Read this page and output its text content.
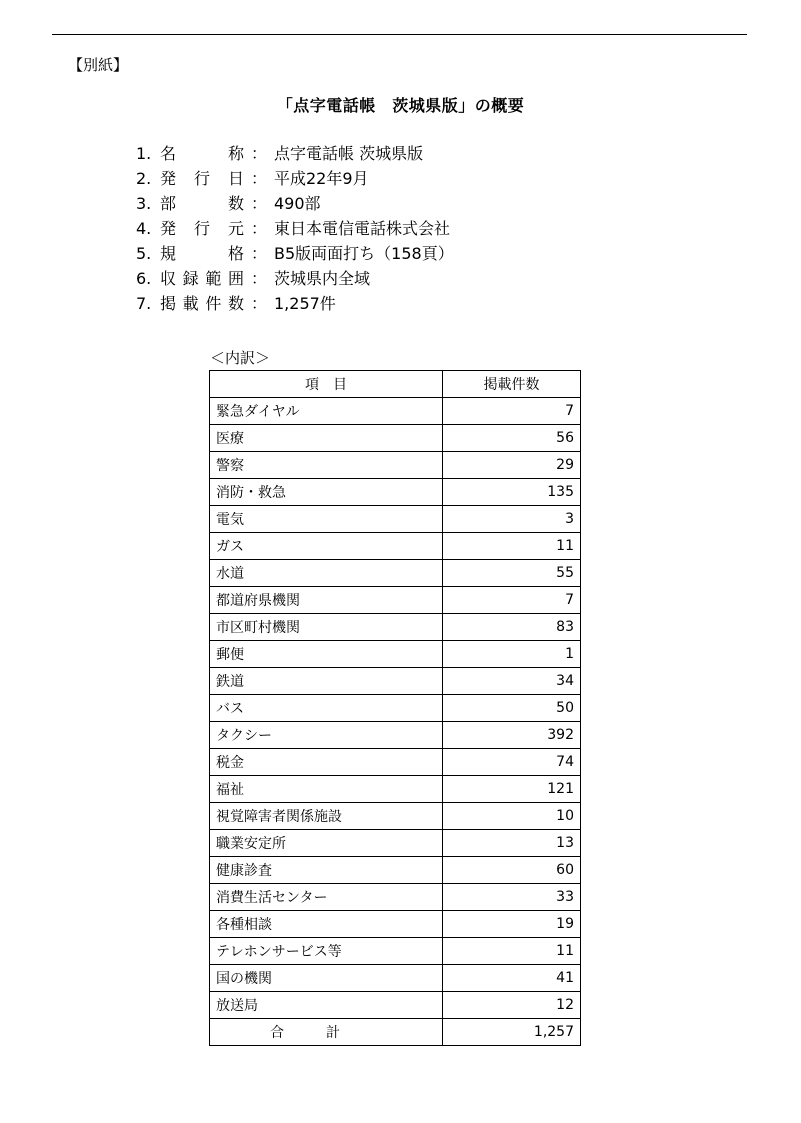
【別紙】
「点字電話帳　茨城県版」の概要
1. 名称 ： 点字電話帳 茨城県版
2. 発行日 ： 平成22年9月
3. 部数 ： 490部
4. 発行元 ： 東日本電信電話株式会社
5. 規格 ： B5版両面打ち（158頁）
6. 収録範囲 ： 茨城県内全域
7. 掲載件数 ： 1,257件
＜内訳＞
項　目	掲載件数
緊急ダイヤル	7
医療	56
警察	29
消防・救急	135
電気	3
ガス	11
水道	55
都道府県機関	7
市区町村機関	83
郵便	1
鉄道	34
バス	50
タクシー	392
税金	74
福祉	121
視覚障害者関係施設	10
職業安定所	13
健康診査	60
消費生活センター	33
各種相談	19
テレホンサービス等	11
国の機関	41
放送局	12
合計	1,257
